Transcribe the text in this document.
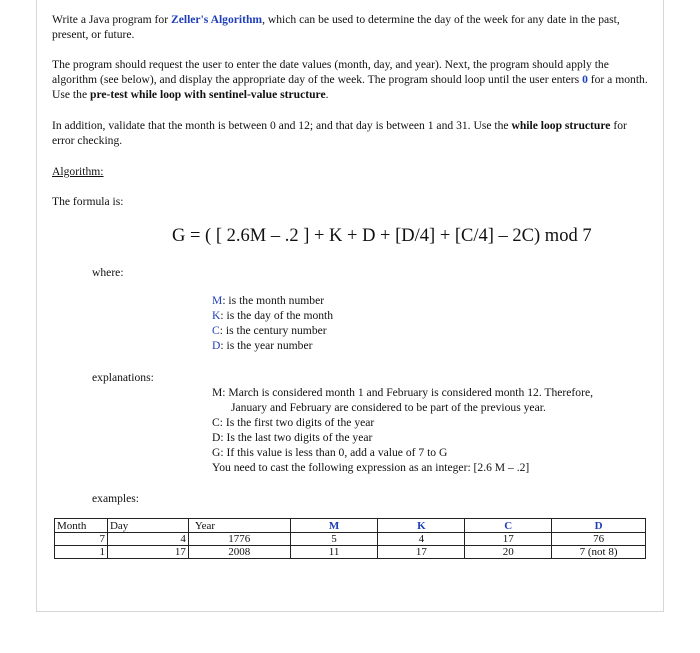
Write a Java program for Zeller's Algorithm, which can be used to determine the day of the week for any date in the past, present, or future.

The program should request the user to enter the date values (month, day, and year). Next, the program should apply the algorithm (see below), and display the appropriate day of the week. The program should loop until the user enters 0 for a month. Use the pre-test while loop with sentinel-value structure.

In addition, validate that the month is between 0 and 12; and that day is between 1 and 31. Use the while loop structure for error checking.

Algorithm:
The formula is:
G = ( [ 2.6M – .2 ] + K + D + [D/4] + [C/4] – 2C) mod 7
where:
M: is the month number
K: is the day of the month
C: is the century number
D: is the year number
explanations:
M: March is considered month 1 and February is considered month 12. Therefore,
January and February are considered to be part of the previous year.
C: Is the first two digits of the year
D: Is the last two digits of the year
G: If this value is less than 0, add a value of 7 to G
You need to cast the following expression as an integer: [2.6 M – .2]
examples:
Month	Day	Year	M	K	C	D
7	4	1776	5	4	17	76
1	17	2008	11	17	20	7 (not 8)
